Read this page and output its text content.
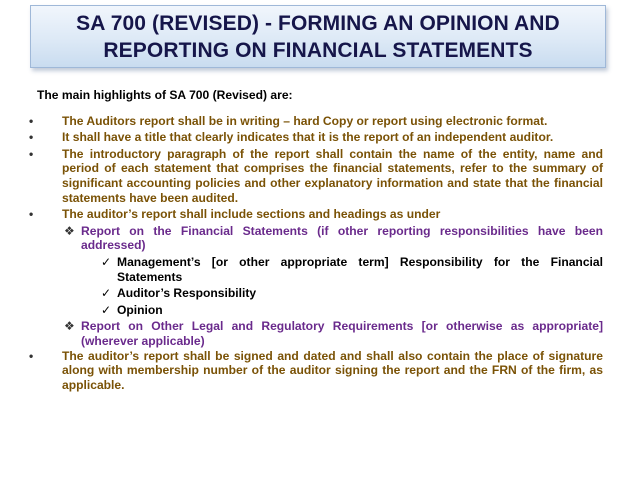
SA 700 (REVISED) - FORMING AN OPINION AND
REPORTING ON FINANCIAL STATEMENTS
The main highlights of SA 700 (Revised) are:
• The Auditors report shall be in writing – hard Copy or report using electronic format.
• It shall have a title that clearly indicates that it is the report of an independent auditor.
• The introductory paragraph of the report shall contain the name of the entity, name and period of each statement that comprises the financial statements, refer to the summary of significant accounting policies and other explanatory information and state that the financial statements have been audited.
• The auditor’s report shall include sections and headings as under
❖ Report on the Financial Statements (if other reporting responsibilities have been addressed)
✓ Management’s [or other appropriate term] Responsibility for the Financial Statements
✓ Auditor’s Responsibility
✓ Opinion
❖ Report on Other Legal and Regulatory Requirements [or otherwise as appropriate] (wherever applicable)
• The auditor’s report shall be signed and dated and shall also contain the place of signature along with membership number of the auditor signing the report and the FRN of the firm, as applicable.
